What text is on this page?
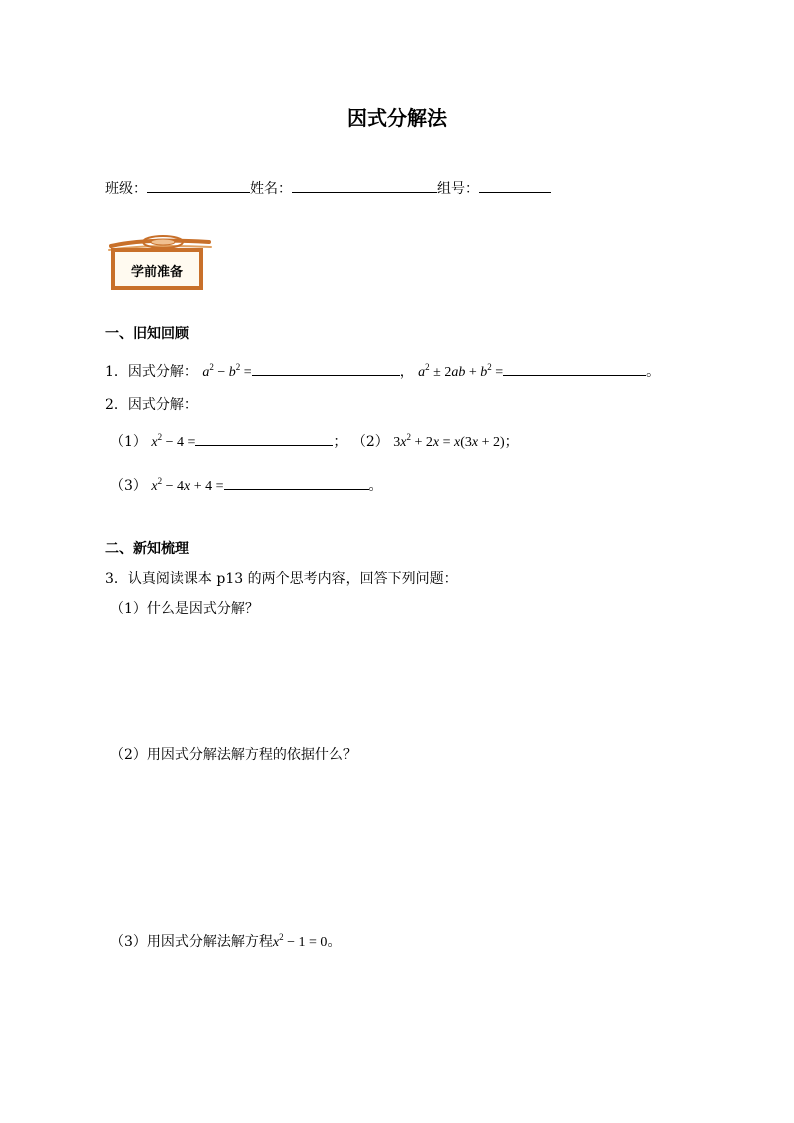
因式分解法
班级：	姓名：	组号：
学前准备
一、旧知回顾
1．因式分解： $a^2 - b^2$ =	， $a^2 \pm 2ab + b^2$ =	。
2．因式分解：
（1） $x^2 - 4$ =	； （2） $3x^2 + 2x = x(3x + 2)$；
（3） $x^2 - 4x + 4$ =	。
二、新知梳理
3．认真阅读课本 p13 的两个思考内容，回答下列问题：
（1）什么是因式分解？
（2）用因式分解法解方程的依据什么？
（3）用因式分解法解方程$x^2 - 1 = 0$。
